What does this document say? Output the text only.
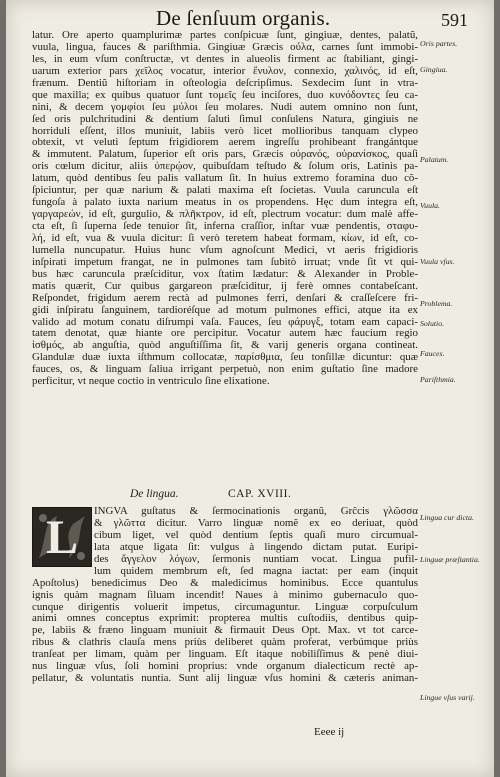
De ſenſuum organis.	591
latur. Ore aperto quamplurimæ partes conſpicuæ ſunt, gingiuæ, dentes, palatũ,
vuula, lingua, fauces & pariſthmia. Gingiuæ Græcis οὖλα, carnes ſunt immobi-
les, in eum vſum conſtructæ, vt dentes in alueolis firment ac ſtabiliant, gingi-
uarum exterior pars χεῖλος vocatur, interior ἔνυλον, connexio, χαλινός, id eſt,
frænum. Dentiũ hiſtoriam in oſteologia deſcripſimus. Sexdecim ſunt in vtra-
que maxilla; ex quibus quatuor ſunt τομεῖς ſeu inciſores, duo κυνόδοντες ſeu ca-
nini, & decem γομφίοι ſeu μύλοι ſeu molares. Nudi autem omnino non ſunt,
ſed oris pulchritudini & dentium ſaluti ſimul conſulens Natura, gingiuis ne
horriduli eſſent, illos muniuit, labiis verò licet mollioribus tanquam clypeo
obtexit, vt veluti ſeptum frigidiorem aerem ingreſſu prohibeant frangántque
& immutent. Palatum, ſuperior eſt oris pars, Græcis οὐρανός, οὐρανίσκος, quaſi
oris cœlum dicitur, aliis ὑπερῴον, quibuſdam teſtudo & ſolum oris, Latinis pa-
latum, quòd dentibus ſeu palis vallatum ſit. In huius extremo foramina duo cõ-
ſpiciuntur, per quæ narium & palati maxima eſt ſocietas. Vuula caruncula eſt
fungoſa à palato iuxta narium meatus in os propendens. Hęc dum integra eſt,
γαργαρεών, id eſt, gurgulio, & πλῆκτρον, id eſt, plectrum vocatur: dum malè affe-
cta eſt, ſi ſuperna ſede tenuior ſit, inferna craſſior, inſtar vuæ pendentis, σταφυ-
λή, id eſt, vua & vuula dicitur: ſi verò teretem habeat formam, κίων, id eſt, co-
lumella nuncupatur. Huius hunc vſum agnoſcunt Medici, vt aeris frigidioris
inſpirati impetum frangat, ne in pulmones tam ſubitò irruat; vnde ſit vt qui-
bus hæc caruncula præſciditur, vox ſtatim lædatur: & Alexander in Proble-
matis quærit, Cur quibus gargareon præſciditur, ij ferè omnes contabeſcant.
Reſpondet, frigidum aerem rectà ad pulmones ferri, denſari & craſſeſcere fri-
gidi inſpiratu ſanguinem, tardioréſque ad motum pulmones effici, atque ita ex
valido ad motum conatu diſrumpi vaſa. Fauces, ſeu φάρυγξ, totam eam capaci-
tatem denotat, quæ hiante ore percipitur. Vocatur autem hæc faucium regio
ἰσθμός, ab anguſtia, quòd anguſtiſſima ſit, & varij generis organa contineat.
Glandulæ duæ iuxta iſthmum collocatæ, παρίσθμια, ſeu tonſillæ dicuntur: quæ
fauces, os, & linguam ſaliua irrigant perpetuò, non enim guſtatio ſine madore
perficitur, vt neque coctio in ventriculo ſine elixatione.
De lingua.	CAP. XVIII.
L	INGVA guſtatus & ſermocinationis organũ, Grĉcis γλῶσσα
& γλῶττα dicitur. Varro linguæ nomẽ ex eo deriuat, quòd
cibum liget, vel quòd dentium ſeptis quaſi muro circumual-
lata atque ligata ſit: vulgus à lingendo dictam putat. Euripi-
des ἄγγελον λόγων, ſermonis nuntiam vocat. Lingua pufil-
lum quidem membrum eſt, ſed magna iactat: per eam (inquit
Apoſtolus) benedicimus Deo & maledicimus hominibus. Ecce quantulus
ignis quàm magnam ſiluam incendit! Naues à minimo gubernaculo quo-
cunque dirigentis voluerit impetus, circumaguntur. Linguæ corpuſculum
animi omnes conceptus exprimit: propterea multis cuſtodiis, dentibus quip-
pe, labiis & fræno linguam muniuit & firmauit Deus Opt. Max. vt tot carce-
ribus & clathris clauſa mens priùs deliberet quàm proferat, verbúmque priùs
tranſeat per limam, quàm per linguam. Eſt itaque nobiliſſimus & penè diui-
nus linguæ vſus, ſoli homini proprius: vnde organum dialecticum rectè ap-
pellatur, & voluntatis nuntia. Sunt alij linguæ vſus homini & cæteris animan-
Oris partes.
Gingiua.
Palatum.
Vuula.
Vuula vſus.
Problema.
Solutio.
Fauces.
Pariſthmia.
Lingua cur dicta.
Linguæ præſtantia.
Lingue vſus varij.
Eeee ij
